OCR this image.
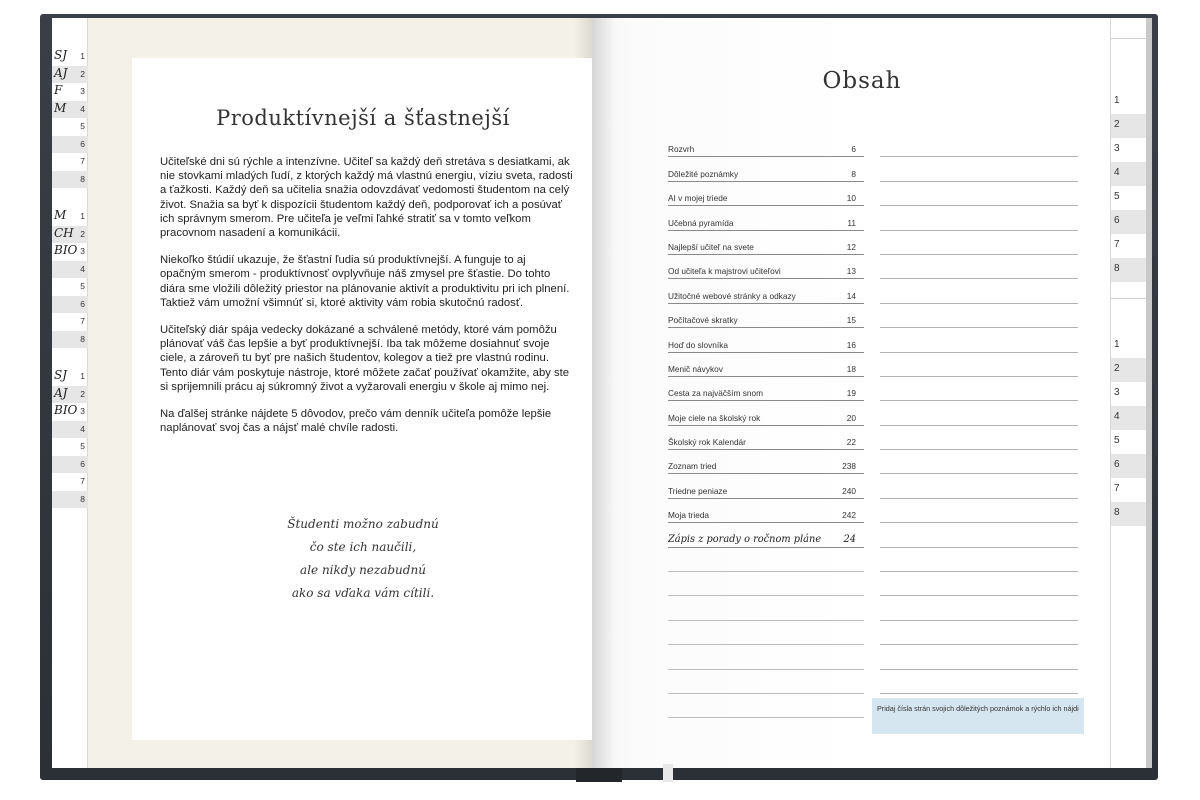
SJ 1
AJ 2
F 3
M 4
5
6
7
8
M 1
CH 2
BIO 3
4
5
6
7
8
SJ 1
AJ 2
BIO 3
4
5
6
7
8
Produktívnejší a šťastnejší

Učiteľské dni sú rýchle a intenzívne. Učiteľ sa každý deň stretáva s desiatkami, ak nie stovkami mladých ľudí, z ktorých každý má vlastnú energiu, víziu sveta, radosti a ťažkosti. Každý deň sa učitelia snažia odovzdávať vedomosti študentom na celý život. Snažia sa byť k dispozícii študentom každý deň, podporovať ich a posúvať ich správnym smerom. Pre učiteľa je veľmi ľahké stratiť sa v tomto veľkom pracovnom nasadení a komunikácii.

Niekoľko štúdií ukazuje, že šťastní ľudia sú produktívnejší. A funguje to aj opačným smerom - produktívnosť ovplyvňuje náš zmysel pre šťastie. Do tohto diára sme vložili dôležitý priestor na plánovanie aktivít a produktivitu pri ich plnení. Taktiež vám umožní všimnúť si, ktoré aktivity vám robia skutočnú radosť.

Učiteľský diár spája vedecky dokázané a schválené metódy, ktoré vám pomôžu plánovať váš čas lepšie a byť produktívnejší. Iba tak môžeme dosiahnuť svoje ciele, a zároveň tu byť pre našich študentov, kolegov a tiež pre vlastnú rodinu. Tento diár vám poskytuje nástroje, ktoré môžete začať používať okamžite, aby ste si sprijemnili prácu aj súkromný život a vyžarovali energiu v škole aj mimo nej.

Na ďalšej stránke nájdete 5 dôvodov, prečo vám denník učiteľa pomôže lepšie naplánovať svoj čas a nájsť malé chvíle radosti.

Študenti možno zabudnú
čo ste ich naučili,
ale nikdy nezabudnú
ako sa vďaka vám cítili.
Obsah
Rozvrh	6
Dôležité poznámky	8
AI v mojej triede	10
Učebná pyramída	11
Najlepší učiteľ na svete	12
Od učiteľa k majstrovi učiteľovi	13
Užitočné webové stránky a odkazy	14
Počítačové skratky	15
Hoď do slovníka	16
Menič návykov	18
Cesta za najväčším snom	19
Moje ciele na školský rok	20
Školský rok Kalendár	22
Zoznam tried	238
Triedne peniaze	240
Moja trieda	242
Zápis z porady o ročnom pláne 24
Pridaj čísla strán svojich dôležitých poznámok a rýchlo ich nájdi
1
2
3
4
5
6
7
8
1
2
3
4
5
6
7
8
